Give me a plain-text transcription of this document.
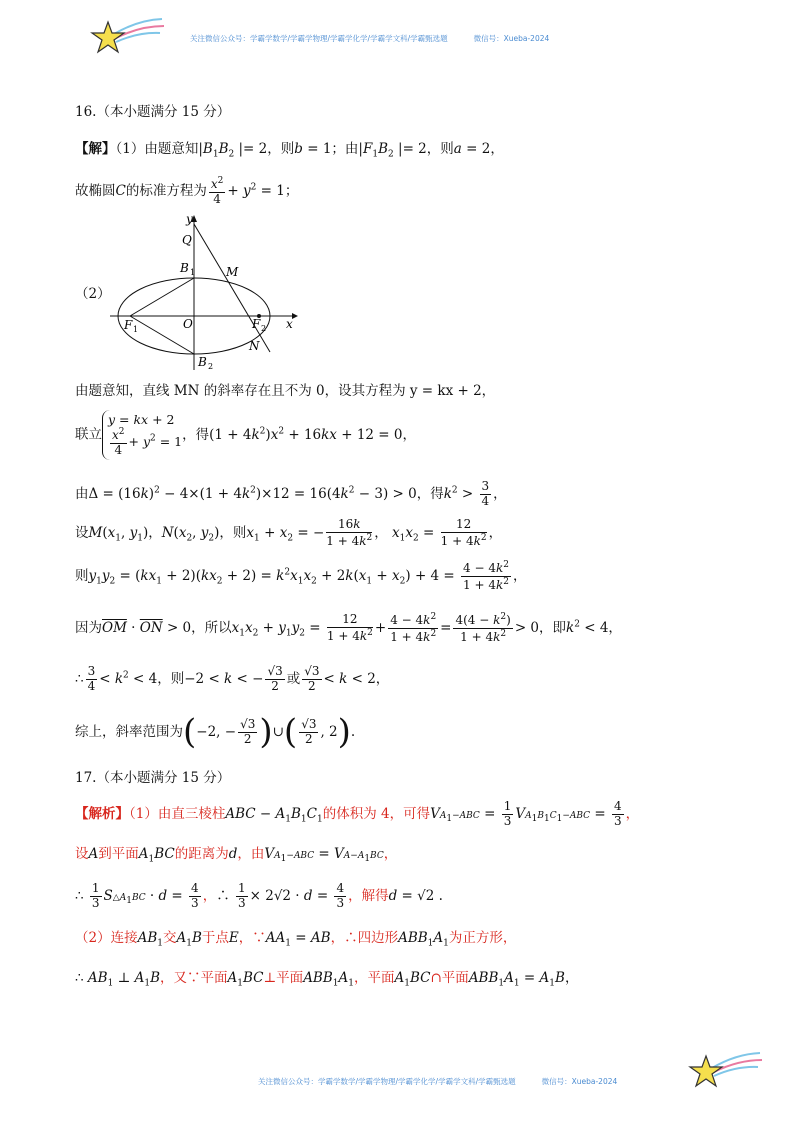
关注微信公众号：学霸学数学/学霸学物理/学霸学化学/学霸学文科/学霸甄选题	微信号：Xueba-2024
16.（本小题满分 15 分）
【解】（1）由题意知$|B_1B_2$ |= 2，则b = 1；由$|F_1B_2$ |= 2，则a = 2，
故椭圆C的标准方程为 $\frac{x^2}{4} + y^2 = 1$；
（2）
y
Q
B 1	M
F 1	O	F 2 x
N
B 2
由题意知，直线 MN 的斜率存在且不为 0，设其方程为 y = kx + 2，
联立
y = kx + 2
$\frac{x^2}{4} + y^2 = 1$ ，得$(1 + 4k^2)x^2 + 16kx + 12 = 0$，
由$\Delta = (16k)^2 - 4\times(1 + 4k^2)\times 12 = 16(4k^2 - 3) > 0$，得$k^2 > \frac{3}{4}$ ，
设$M(x_1$, $y_1$)，$N(x_2$, $y_2$)，则$x_1 + x_2$ = − $\frac{16k}{1 + 4k^2}$ ， $x_1x_2 = \frac{12}{1 + 4k^2}$ ，
则$y_1y_2 = (kx_1 + 2)(kx_2 + 2) = k^2x_1x_2 + 2k(x_1 + x_2) + 4 = \frac{4 - 4k^2}{1 + 4k^2}$ ，
因为$\overline{OM} \cdot \overline{ON} > 0$，所以$x_1x_2 + y_1y_2 = \frac{12}{1 + 4k^2} + \frac{4 - 4k^2}{1 + 4k^2} = \frac{4(4 - k^2)}{1 + 4k^2} > 0$，即$k^2 < 4$，
∴ $\frac{3}{4} < k^2 < 4$，则−2 < k < − $\frac{√3}{2}$ 或 $\frac{√3}{2} < k < 2$，
综上，斜率范围为(−2, − $\frac{√3}{2}$ )∪( $\frac{√3}{2}$ , 2).
17.（本小题满分 15 分）
【解析】（1）由直三棱柱ABC − $A_1B_1C_1$的体积为 4，可得$VA_1-ABC = \frac{1}{3} VA_1B_1C_1-ABC = \frac{4}{3}$ ，
设A到平面$A_1BC$的距离为d，由$VA_1-ABC = VA-A_1BC$，
∴ $\frac{1}{3}$ $S\triangle A_1BC \cdot d = \frac{4}{3}$ ，∴ $\frac{1}{3} \times 2√2 \cdot d = \frac{4}{3}$ ，解得d = √2 .
（2）连接$AB_1$交$A_1B$于点E，$\because AA_1$ = AB，∴四边形$ABB_1A_1$为正方形，
∴ $AB_1$ ⊥ $A_1B$，又∵平面$A_1BC\perp$平面$ABB_1A_1$，平面$A_1BC\cap$平面$ABB_1A_1 = A_1B$，
关注微信公众号：学霸学数学/学霸学物理/学霸学化学/学霸学文科/学霸甄选题	微信号：Xueba-2024
